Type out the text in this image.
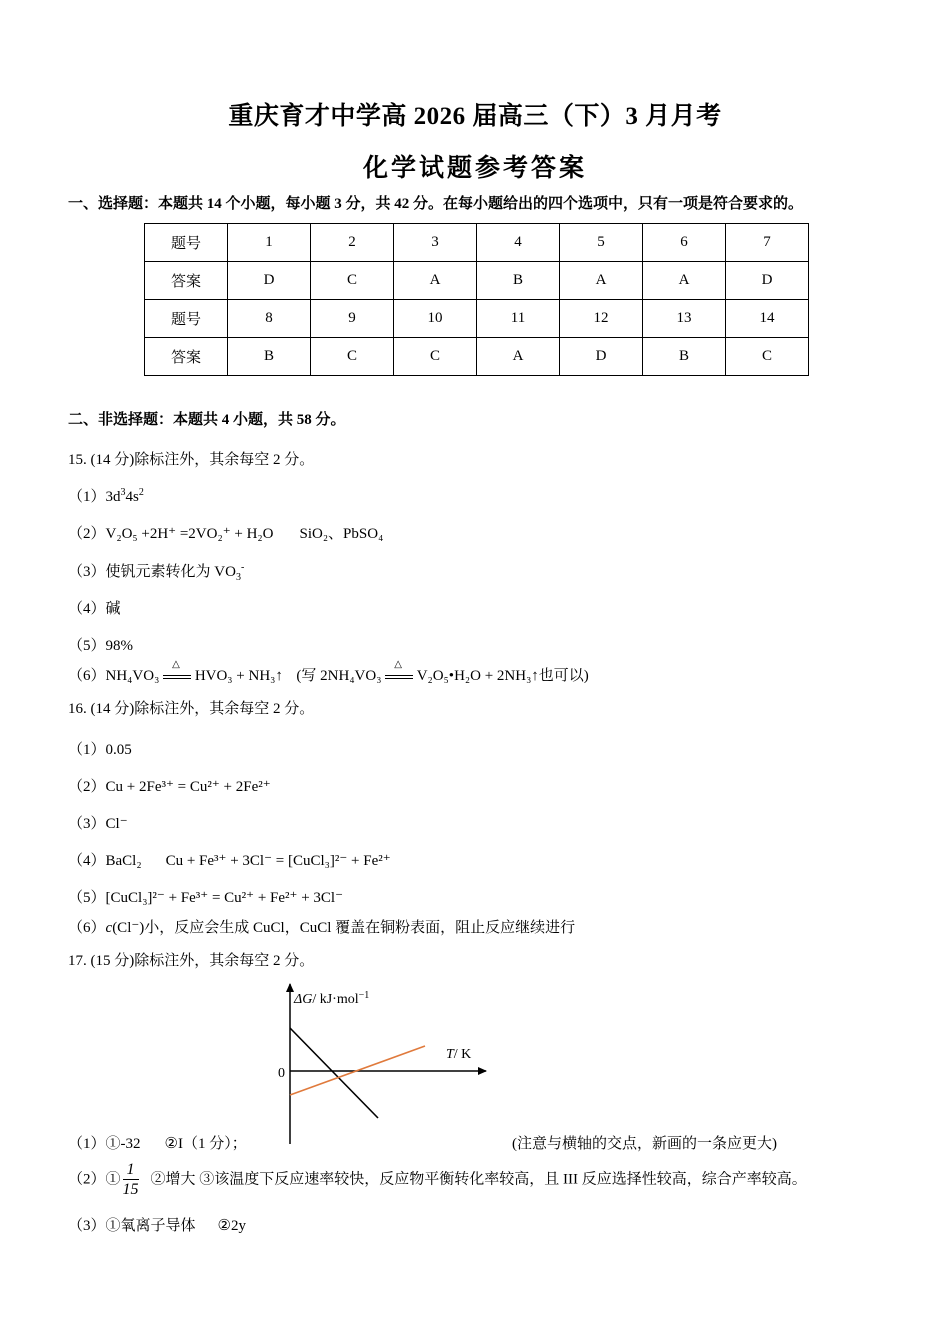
重庆育才中学高 2026 届高三（下）3 月月考
化学试题参考答案
一、选择题：本题共 14 个小题，每小题 3 分，共 42 分。在每小题给出的四个选项中，只有一项是符合要求的。
题号	1	2	3	4	5	6	7
答案	D	C	A	B	A	A	D
题号	8	9	10	11	12	13	14
答案	B	C	C	A	D	B	C
二、非选择题：本题共 4 小题，共 58 分。
15. (14 分)除标注外，其余每空 2 分。
$(1)3d^34s^2$
（2）V₂O₅ +2H⁺ =2VO₂⁺ + H₂O SiO₂、PbSO₄
（3）使钒元素转化为 $VO_3^-$
（4）碱
（5）98%
（6）NH₄VO₃
△
HVO₃ + NH₃↑ (写 2NH₄VO₃
△
V₂O₅•H₂O + 2NH₃↑也可以)
16. (14 分)除标注外，其余每空 2 分。
（1）0.05
（2）Cu + 2Fe³⁺ = Cu²⁺ + 2Fe²⁺
（3）Cl⁻
（4）BaCl₂ Cu + Fe³⁺ + 3Cl⁻ = [CuCl₃]²⁻ + Fe²⁺
（5）[CuCl₃]²⁻ + Fe³⁺ = Cu²⁺ + Fe²⁺ + 3Cl⁻
（6）c(Cl⁻)小，反应会生成 CuCl，CuCl 覆盖在铜粉表面，阻止反应继续进行
17. (15 分)除标注外，其余每空 2 分。
ΔG/ kJ·mol$^{-1}$
T/ K
0
（1）①-32 ②I（1 分）；	(注意与横轴的交点，新画的一条应更大)
（2）① $\frac{1}{15}$ ②增大 ③该温度下反应速率较快，反应物平衡转化率较高，且 III 反应选择性较高，综合产率较高。
（3）①氧离子导体 ②2y
